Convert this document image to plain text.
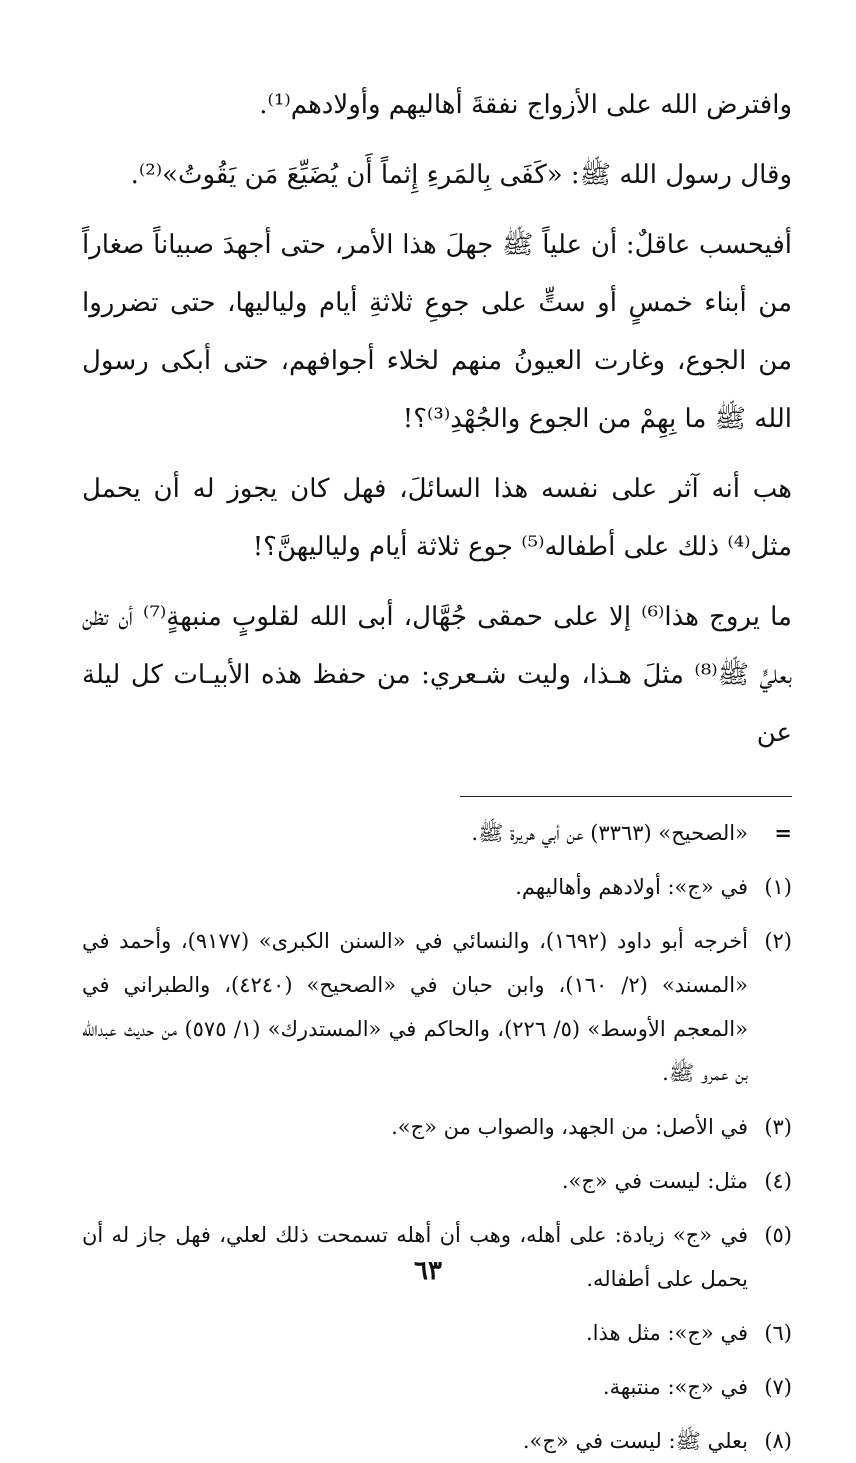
وافترض الله على الأزواج نفقةَ أهاليهم وأولادهم⁽¹⁾.

وقال رسول الله ﷺ: «كَفَى بِالمَرءِ إِثماً أَن يُضَيِّعَ مَن يَقُوتُ»⁽²⁾.

أفيحسب عاقلٌ: أن علياً ﷺ جهلَ هذا الأمر، حتى أجهدَ صبياناً صغاراً من أبناء خمسٍ أو ستٍّ على جوعِ ثلاثةِ أيام ولياليها، حتى تضرروا من الجوع، وغارت العيونُ منهم لخلاء أجوافهم، حتى أبكى رسول الله ﷺ ما بِهِمْ من الجوع والجُهْدِ⁽³⁾؟!

هب أنه آثر على نفسه هذا السائلَ، فهل كان يجوز له أن يحمل مثل⁽⁴⁾ ذلك على أطفاله⁽⁵⁾ جوع ثلاثة أيام ولياليهنَّ؟!

ما يروج هذا⁽⁶⁾ إلا على حمقى جُهَّال، أبى الله لقلوبٍ منبهةٍ⁽⁷⁾ أن تظن بعليٍّ ﷺ⁽⁸⁾ مثلَ هـذا، وليت شـعري: من حفظ هذه الأبيـات كل ليلة عن

=
«الصحيح» (٣٣٦٣) عن أبي هريرة ﷺ.
(١)
في «ج»: أولادهم وأهاليهم.
(٢)
أخرجه أبو داود (١٦٩٢)، والنسائي في «السنن الكبرى» (٩١٧٧)، وأحمد في «المسند» (٢/ ١٦٠)، وابن حبان في «الصحيح» (٤٢٤٠)، والطبراني في «المعجم الأوسط» (٥/ ٢٢٦)، والحاكم في «المستدرك» (١/ ٥٧٥) من حديث عبدالله بن عمرو ﷺ.
(٣)
في الأصل: من الجهد، والصواب من «ج».
(٤)
مثل: ليست في «ج».
(٥)
في «ج» زيادة: على أهله، وهب أن أهله تسمحت ذلك لعلي، فهل جاز له أن يحمل على أطفاله.
(٦)
في «ج»: مثل هذا.
(٧)
في «ج»: منتبهة.
(٨)
بعلي ﷺ: ليست في «ج».
٦٣
